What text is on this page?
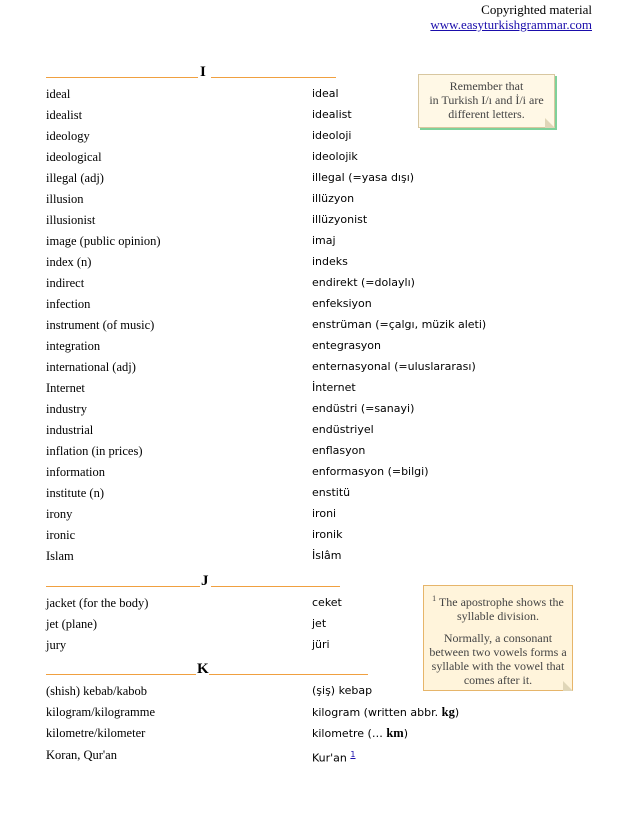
Copyrighted material
www.easyturkishgrammar.com
I
ideal	ideal
idealist	idealist
ideology	ideoloji
ideological	ideolojik
illegal (adj)	illegal (=yasa dışı)
illusion	illüzyon
illusionist	illüzyonist
image (public opinion)	imaj
index (n)	indeks
indirect	endirekt (=dolaylı)
infection	enfeksiyon
instrument (of music)	enstrüman (=çalgı, müzik aleti)
integration	entegrasyon
international (adj)	enternasyonal (=uluslararası)
Internet	İnternet
industry	endüstri (=sanayi)
industrial	endüstriyel
inflation (in prices)	enflasyon
information	enformasyon (=bilgi)
institute (n)	enstitü
irony	ironi
ironic	ironik
Islam	İslâm
J
jacket (for the body)	ceket
jet (plane)	jet
jury	jüri
K
(shish) kebab/kabob	(şiş) kebap
kilogram/kilogramme	kilogram (written abbr. kg)
kilometre/kilometer	kilometre (… km)
Koran, Qur'an	Kur'an $^1$
Remember that
in Turkish I/ı and İ/i are
different letters.

$^1$ The apostrophe shows the syllable division.

Normally, a consonant between two vowels forms a syllable with the vowel that comes after it.
